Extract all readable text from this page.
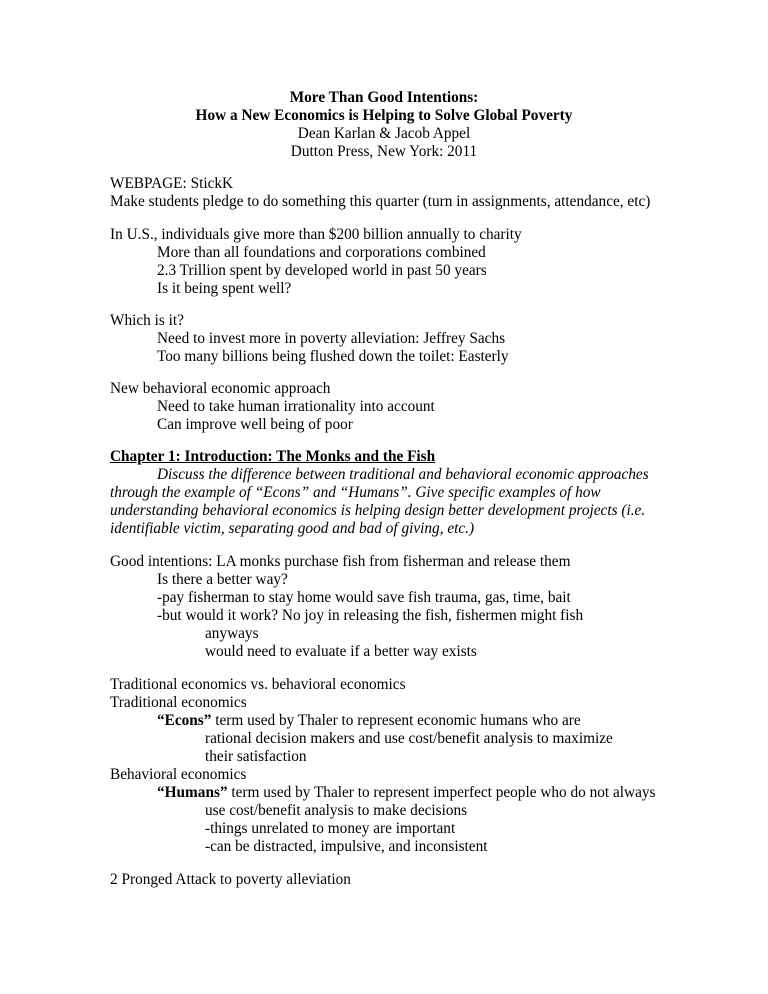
More Than Good Intentions:
How a New Economics is Helping to Solve Global Poverty
Dean Karlan & Jacob Appel
Dutton Press, New York: 2011
WEBPAGE: StickK
Make students pledge to do something this quarter (turn in assignments, attendance, etc)
In U.S., individuals give more than $200 billion annually to charity
More than all foundations and corporations combined
2.3 Trillion spent by developed world in past 50 years
Is it being spent well?
Which is it?
Need to invest more in poverty alleviation: Jeffrey Sachs
Too many billions being flushed down the toilet: Easterly
New behavioral economic approach
Need to take human irrationality into account
Can improve well being of poor
Chapter 1: Introduction: The Monks and the Fish
Discuss the difference between traditional and behavioral economic approaches
through the example of “Econs” and “Humans”. Give specific examples of how
understanding behavioral economics is helping design better development projects (i.e.
identifiable victim, separating good and bad of giving, etc.)
Good intentions: LA monks purchase fish from fisherman and release them
Is there a better way?
-pay fisherman to stay home would save fish trauma, gas, time, bait
-but would it work? No joy in releasing the fish, fishermen might fish
anyways
would need to evaluate if a better way exists
Traditional economics vs. behavioral economics
Traditional economics
“Econs” term used by Thaler to represent economic humans who are
rational decision makers and use cost/benefit analysis to maximize
their satisfaction
Behavioral economics
“Humans” term used by Thaler to represent imperfect people who do not always
use cost/benefit analysis to make decisions
-things unrelated to money are important
-can be distracted, impulsive, and inconsistent
2 Pronged Attack to poverty alleviation
